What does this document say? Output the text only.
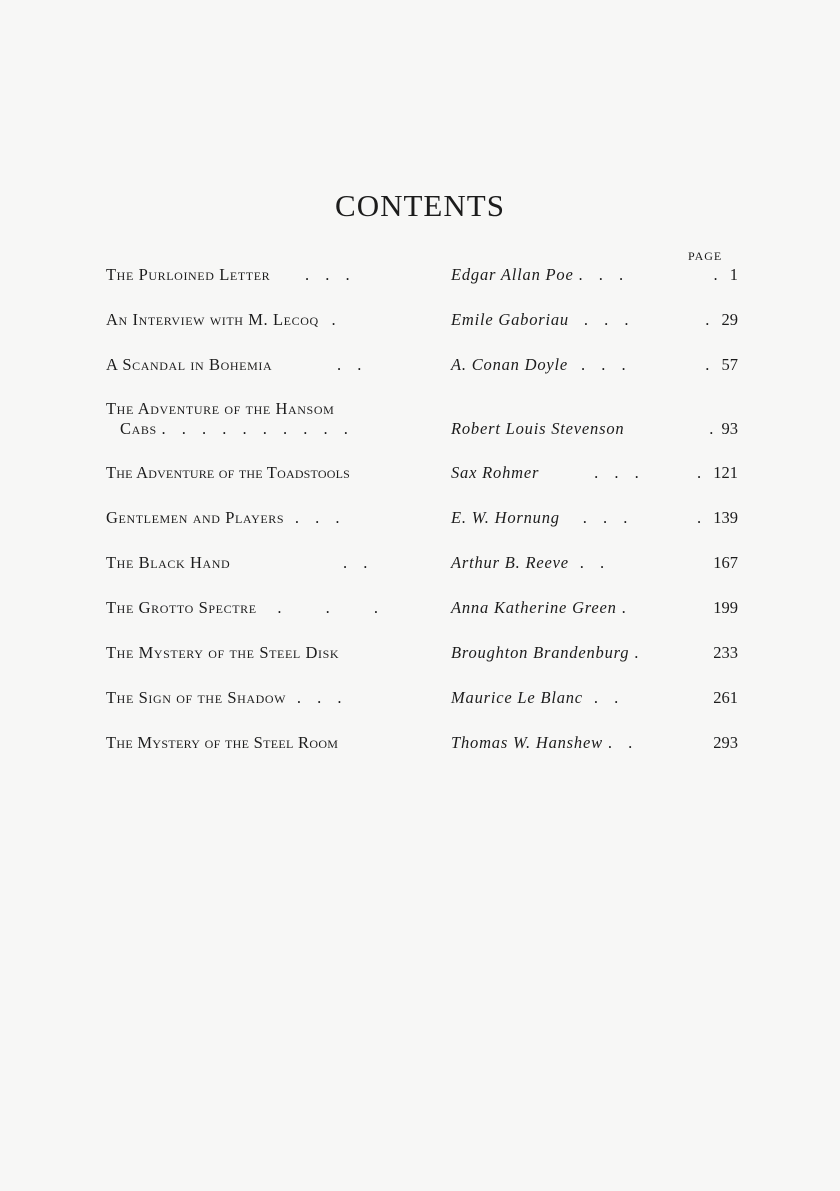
CONTENTS
PAGE
The Purloined Letter . . .	Edgar Allan Poe . . .	. 1
An Interview with M. Lecoq .	Emile Gaboriau . . .	. 29
A Scandal in Bohemia	. .	A. Conan Doyle . . .	. 57
The Adventure of the Hansom
Cabs . . . . . . . . . .	Robert Louis Stevenson	. 93
The Adventure of the Toadstools	Sax Rohmer	. . .	. 121
Gentlemen and Players . . .	E. W. Hornung . . .	. 139
The Black Hand	. .	Arthur B. Reeve . .	167
The Grotto Spectre . . .	Anna Katherine Green .	199
The Mystery of the Steel Disk	Broughton Brandenburg .	233
The Sign of the Shadow . . .	Maurice Le Blanc . .	261
The Mystery of the Steel Room	Thomas W. Hanshew . .	293
